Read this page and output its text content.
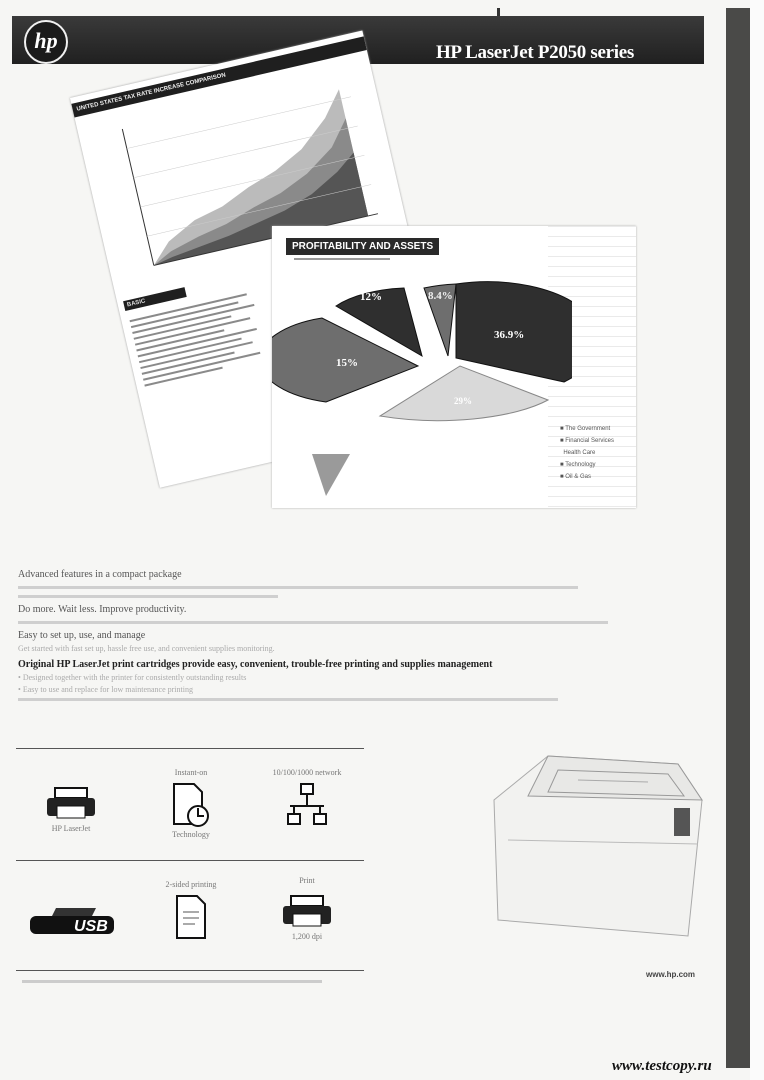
HP LaserJet P2050 series
hp
UNITED STATES TAX RATE INCREASE COMPARISON
BASIC
PROFITABILITY AND ASSETS
12%	8.4%
36.9%
29%
15%
■ The Government
■ Financial Services
Health Care
■ Technology
■ Oil & Gas
Advanced features in a compact package
Do more. Wait less. Improve productivity.
Easy to set up, use, and manage
Get started with fast set up, hassle free use, and convenient supplies monitoring.
Original HP LaserJet print cartridges provide easy, convenient, trouble-free printing and supplies management
• Designed together with the printer for consistently outstanding results
• Easy to use and replace for low maintenance printing
HP LaserJet
Instant-on
Technology
10/100/1000 network
USB
2-sided printing	Print
1,200 dpi
www.hp.com
www.testcopy.ru
